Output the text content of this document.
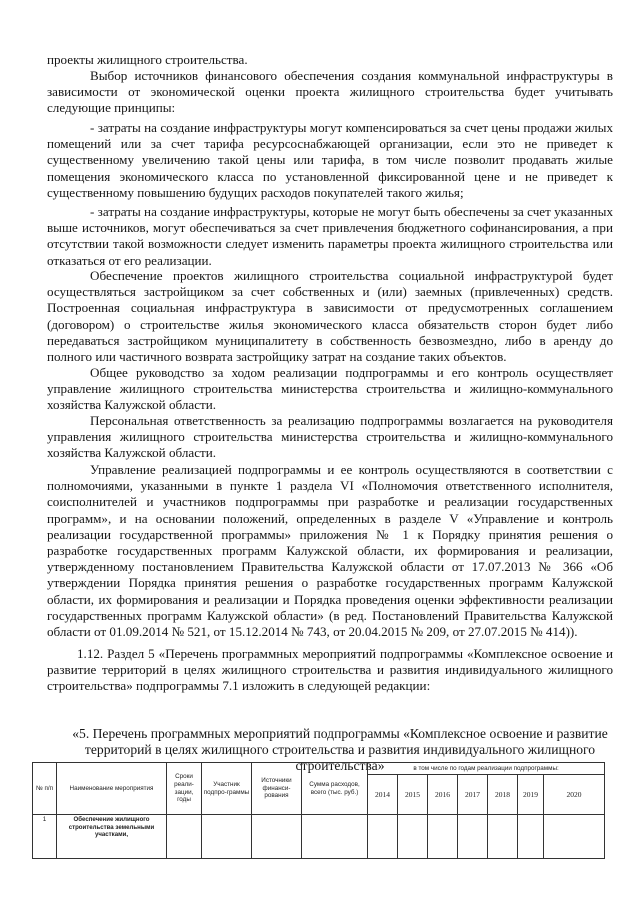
проекты жилищного строительства.

Выбор источников финансового обеспечения создания коммунальной инфраструктуры в зависимости от экономической оценки проекта жилищного строительства будет учитывать следующие принципы:

- затраты на создание инфраструктуры могут компенсироваться за счет цены продажи жилых помещений или за счет тарифа ресурсоснабжающей организации, если это не приведет к существенному увеличению такой цены или тарифа, в том числе позволит продавать жилые помещения экономического класса по установленной фиксированной цене и не приведет к существенному повышению будущих расходов покупателей такого жилья;

- затраты на создание инфраструктуры, которые не могут быть обеспечены за счет указанных выше источников, могут обеспечиваться за счет привлечения бюджетного софинансирования, а при отсутствии такой возможности следует изменить параметры проекта жилищного строительства или отказаться от его реализации.

Обеспечение проектов жилищного строительства социальной инфраструктурой будет осуществляться застройщиком за счет собственных и (или) заемных (привлеченных) средств. Построенная социальная инфраструктура в зависимости от предусмотренных соглашением (договором) о строительстве жилья экономического класса обязательств сторон будет либо передаваться застройщиком муниципалитету в собственность безвозмездно, либо в аренду до полного или частичного возврата застройщику затрат на создание таких объектов.

Общее руководство за ходом реализации подпрограммы и его контроль осуществляет управление жилищного строительства министерства строительства и жилищно-коммунального хозяйства Калужской области.

Персональная ответственность за реализацию подпрограммы возлагается на руководителя управления жилищного строительства министерства строительства и жилищно-коммунального хозяйства Калужской области.

Управление реализацией подпрограммы и ее контроль осуществляются в соответствии с полномочиями, указанными в пункте 1 раздела VI «Полномочия ответственного исполнителя, соисполнителей и участников подпрограммы при разработке и реализации государственных программ», и на основании положений, определенных в разделе V «Управление и контроль реализации государственной программы» приложения № 1 к Порядку принятия решения о разработке государственных программ Калужской области, их формирования и реализации, утвержденному постановлением Правительства Калужской области от 17.07.2013 № 366 «Об утверждении Порядка принятия решения о разработке государственных программ Калужской области, их формирования и реализации и Порядка проведения оценки эффективности реализации государственных программ Калужской области» (в ред. Постановлений Правительства Калужской области от 01.09.2014 № 521, от 15.12.2014 № 743, от 20.04.2015 № 209, от 27.07.2015 № 414)).

1.12. Раздел 5 «Перечень программных мероприятий подпрограммы «Комплексное освоение и развитие территорий в целях жилищного строительства и развития индивидуального жилищного строительства» подпрограммы 7.1 изложить в следующей редакции:

«5. Перечень программных мероприятий подпрограммы «Комплексное освоение и развитие территорий в целях жилищного строительства и развития индивидуального жилищного строительства»

№ п/п	Наименование мероприятия	Сроки реали-зации, годы	Участник подпро-граммы	Источники финанси-рования	Сумма расходов, всего (тыс. руб.)	в том числе по годам реализации подпрограммы:						
						2014	2015	2016	2017	2018	2019	2020
1	Обеспечение жилищного строительства земельными участками,											
